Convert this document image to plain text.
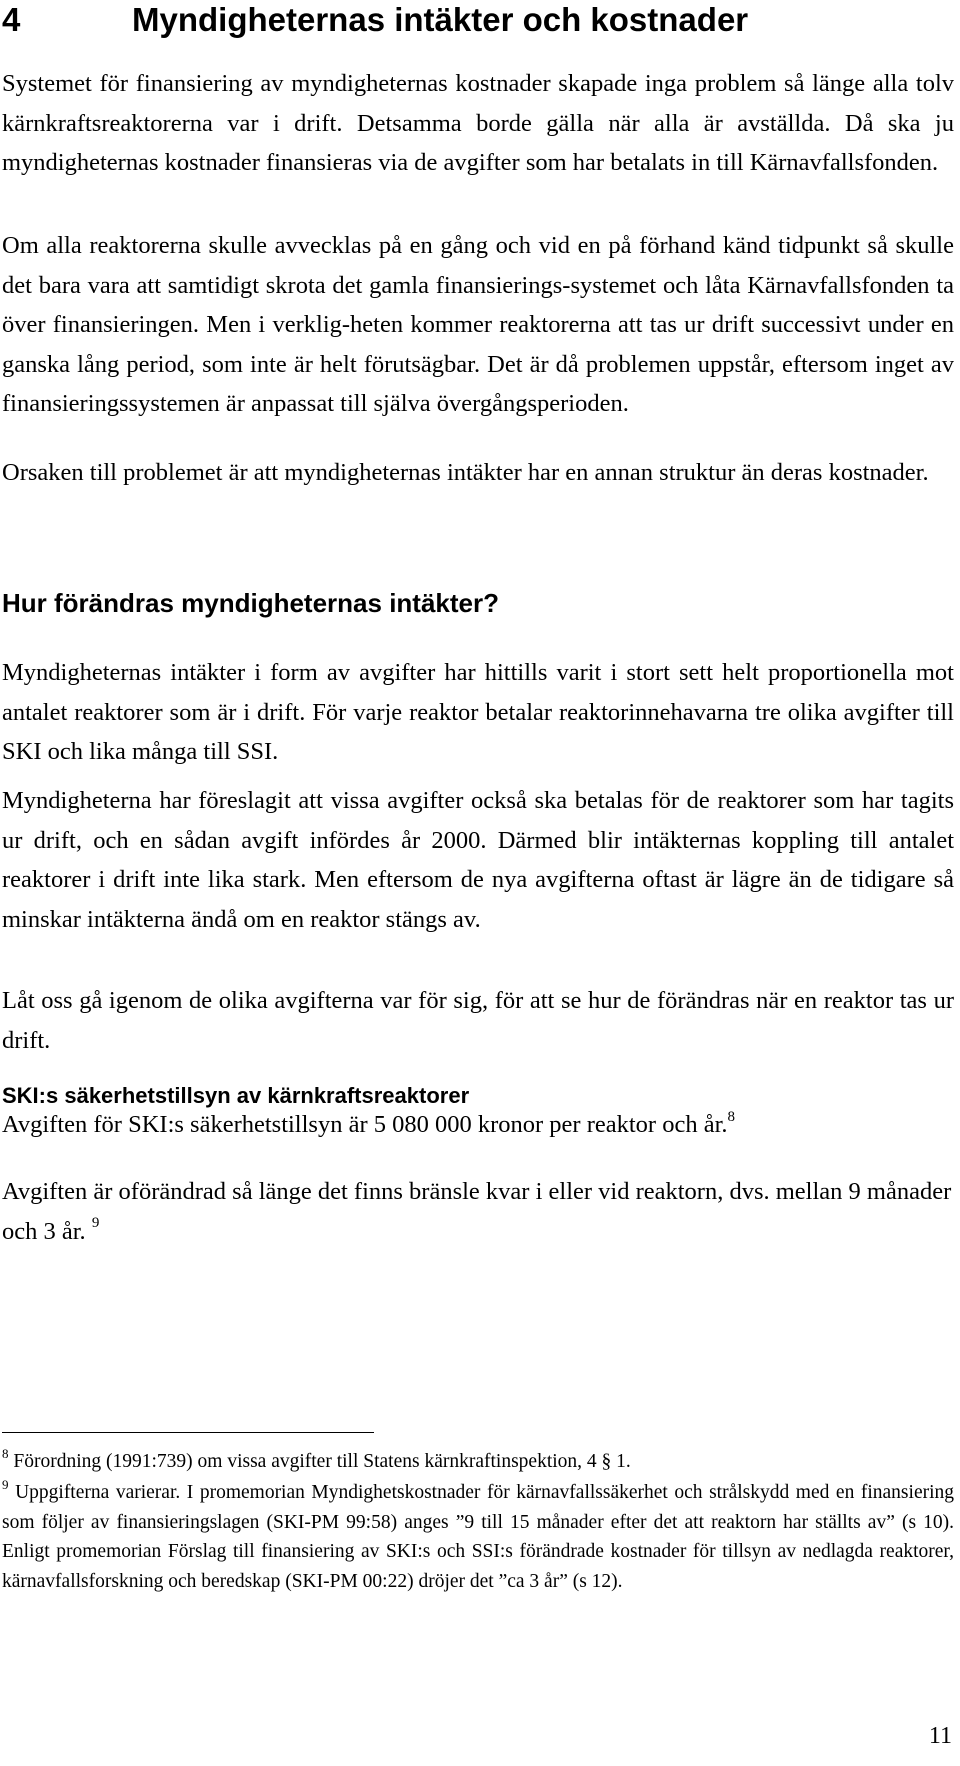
4	Myndigheternas intäkter och kostnader

Systemet för finansiering av myndigheternas kostnader skapade inga problem så länge alla tolv kärnkraftsreaktorerna var i drift. Detsamma borde gälla när alla är avställda. Då ska ju myndigheternas kostnader finansieras via de avgifter som har betalats in till Kärnavfallsfonden.

Om alla reaktorerna skulle avvecklas på en gång och vid en på förhand känd tidpunkt så skulle det bara vara att samtidigt skrota det gamla finansierings-systemet och låta Kärnavfallsfonden ta över finansieringen. Men i verklig-heten kommer reaktorerna att tas ur drift successivt under en ganska lång period, som inte är helt förutsägbar. Det är då problemen uppstår, eftersom inget av finansieringssystemen är anpassat till själva övergångsperioden.

Orsaken till problemet är att myndigheternas intäkter har en annan struktur än deras kostnader.

Hur förändras myndigheternas intäkter?

Myndigheternas intäkter i form av avgifter har hittills varit i stort sett helt proportionella mot antalet reaktorer som är i drift. För varje reaktor betalar reaktorinnehavarna tre olika avgifter till SKI och lika många till SSI.

Myndigheterna har föreslagit att vissa avgifter också ska betalas för de reaktorer som har tagits ur drift, och en sådan avgift infördes år 2000. Därmed blir intäkternas koppling till antalet reaktorer i drift inte lika stark. Men eftersom de nya avgifterna oftast är lägre än de tidigare så minskar intäkterna ändå om en reaktor stängs av.

Låt oss gå igenom de olika avgifterna var för sig, för att se hur de förändras när en reaktor tas ur drift.

SKI:s säkerhetstillsyn av kärnkraftsreaktorer

Avgiften för SKI:s säkerhetstillsyn är 5 080 000 kronor per reaktor och år.$^8$

Avgiften är oförändrad så länge det finns bränsle kvar i eller vid reaktorn, dvs. mellan 9 månader och 3 år. $^9$

$^8$ Förordning (1991:739) om vissa avgifter till Statens kärnkraftinspektion, 4 § 1.

$^9$ Uppgifterna varierar. I promemorian Myndighetskostnader för kärnavfallssäkerhet och strålskydd med en finansiering som följer av finansieringslagen (SKI-PM 99:58) anges ”9 till 15 månader efter det att reaktorn har ställts av” (s 10). Enligt promemorian Förslag till finansiering av SKI:s och SSI:s förändrade kostnader för tillsyn av nedlagda reaktorer, kärnavfallsforskning och beredskap (SKI-PM 00:22) dröjer det ”ca 3 år” (s 12).

11
